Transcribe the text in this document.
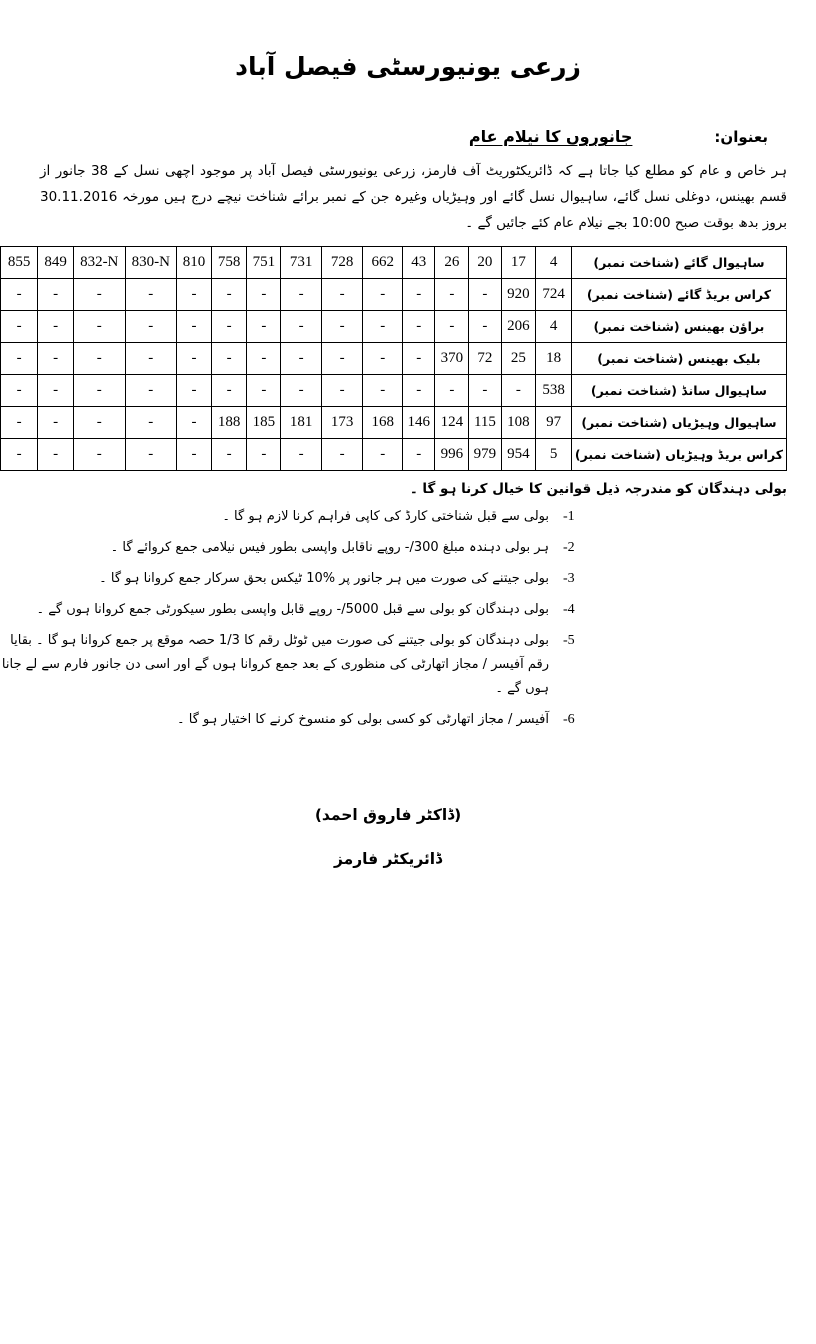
زرعی یونیورسٹی فیصل آباد
بعنوان:
جانوروں کا نیلام عام

ہر خاص و عام کو مطلع کیا جاتا ہے کہ ڈائریکٹوریٹ آف فارمز، زرعی یونیورسٹی فیصل آباد پر موجود اچھی نسل کے 38 جانور از قسم بھینس، دوغلی نسل گائے، ساہیوال نسل گائے اور وہیڑیاں وغیرہ جن کے نمبر برائے شناخت نیچے درج ہیں مورخہ 30.11.2016 بروز بدھ بوقت صبح 10:00 بجے نیلام عام کئے جائیں گے ۔

ساہیوال گائے (شناخت نمبر)	4	17	20	26	43	662	728	731	751	758	810	830-N	832-N	849	855
کراس بریڈ گائے (شناخت نمبر)	724	920	-	-	-	-	-	-	-	-	-	-	-	-	-
براؤن بھینس (شناخت نمبر)	4	206	-	-	-	-	-	-	-	-	-	-	-	-	-
بلیک بھینس (شناخت نمبر)	18	25	72	370	-	-	-	-	-	-	-	-	-	-	-
ساہیوال سانڈ (شناخت نمبر)	538	-	-	-	-	-	-	-	-	-	-	-	-	-	-
ساہیوال وہیڑیاں (شناخت نمبر)	97	108	115	124	146	168	173	181	185	188	-	-	-	-	-
کراس بریڈ وہیڑیاں (شناخت نمبر)	5	954	979	996	-	-	-	-	-	-	-	-	-	-	-

بولی دہندگان کو مندرجہ ذیل قوانین کا خیال کرنا ہو گا ۔

-1
بولی سے قبل شناختی کارڈ کی کاپی فراہم کرنا لازم ہو گا ۔
-2
ہر بولی دہندہ مبلغ 300/- روپے ناقابل واپسی بطور فیس نیلامی جمع کروائے گا ۔
-3
بولی جیتنے کی صورت میں ہر جانور پر %10 ٹیکس بحق سرکار جمع کروانا ہو گا ۔
-4
بولی دہندگان کو بولی سے قبل 5000/- روپے قابل واپسی بطور سیکورٹی جمع کروانا ہوں گے ۔
-5
بولی دہندگان کو بولی جیتنے کی صورت میں ٹوٹل رقم کا 1/3 حصہ موقع پر جمع کروانا ہو گا ۔ بقایا رقم آفیسر / مجاز اتھارٹی کی منظوری کے بعد جمع کروانا ہوں گے اور اسی دن جانور فارم سے لے جانا ہوں گے ۔
-6
آفیسر / مجاز اتھارٹی کو کسی بولی کو منسوخ کرنے کا اختیار ہو گا ۔
(ڈاکٹر فاروق احمد)
ڈائریکٹر فارمز
